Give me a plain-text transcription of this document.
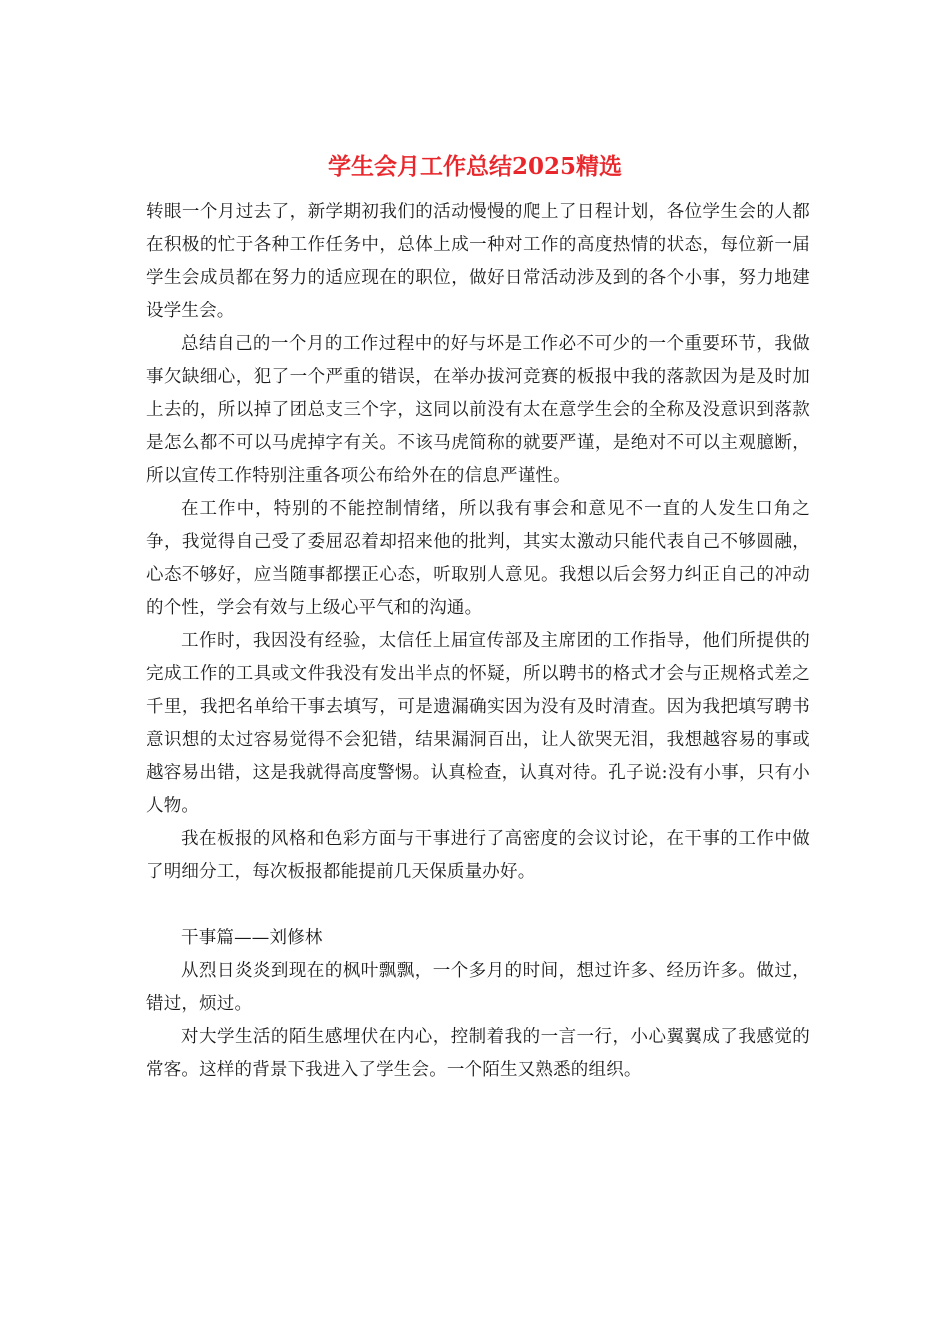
学生会月工作总结2025精选

转眼一个月过去了，新学期初我们的活动慢慢的爬上了日程计划，各位学生会的人都在积极的忙于各种工作任务中，总体上成一种对工作的高度热情的状态，每位新一届学生会成员都在努力的适应现在的职位，做好日常活动涉及到的各个小事，努力地建设学生会。

总结自己的一个月的工作过程中的好与坏是工作必不可少的一个重要环节，我做事欠缺细心，犯了一个严重的错误，在举办拔河竞赛的板报中我的落款因为是及时加上去的，所以掉了团总支三个字，这同以前没有太在意学生会的全称及没意识到落款是怎么都不可以马虎掉字有关。不该马虎简称的就要严谨，是绝对不可以主观臆断，所以宣传工作特别注重各项公布给外在的信息严谨性。

在工作中，特别的不能控制情绪，所以我有事会和意见不一直的人发生口角之争，我觉得自己受了委屈忍着却招来他的批判，其实太激动只能代表自己不够圆融，心态不够好，应当随事都摆正心态，听取别人意见。我想以后会努力纠正自己的冲动的个性，学会有效与上级心平气和的沟通。

工作时，我因没有经验，太信任上届宣传部及主席团的工作指导，他们所提供的完成工作的工具或文件我没有发出半点的怀疑，所以聘书的格式才会与正规格式差之千里，我把名单给干事去填写，可是遗漏确实因为没有及时清查。因为我把填写聘书意识想的太过容易觉得不会犯错，结果漏洞百出，让人欲哭无泪，我想越容易的事或越容易出错，这是我就得高度警惕。认真检查，认真对待。孔子说:没有小事，只有小人物。

我在板报的风格和色彩方面与干事进行了高密度的会议讨论，在干事的工作中做了明细分工，每次板报都能提前几天保质量办好。

干事篇——刘修林

从烈日炎炎到现在的枫叶飘飘，一个多月的时间，想过许多、经历许多。做过，错过，烦过。

对大学生活的陌生感埋伏在内心，控制着我的一言一行，小心翼翼成了我感觉的常客。这样的背景下我进入了学生会。一个陌生又熟悉的组织。
